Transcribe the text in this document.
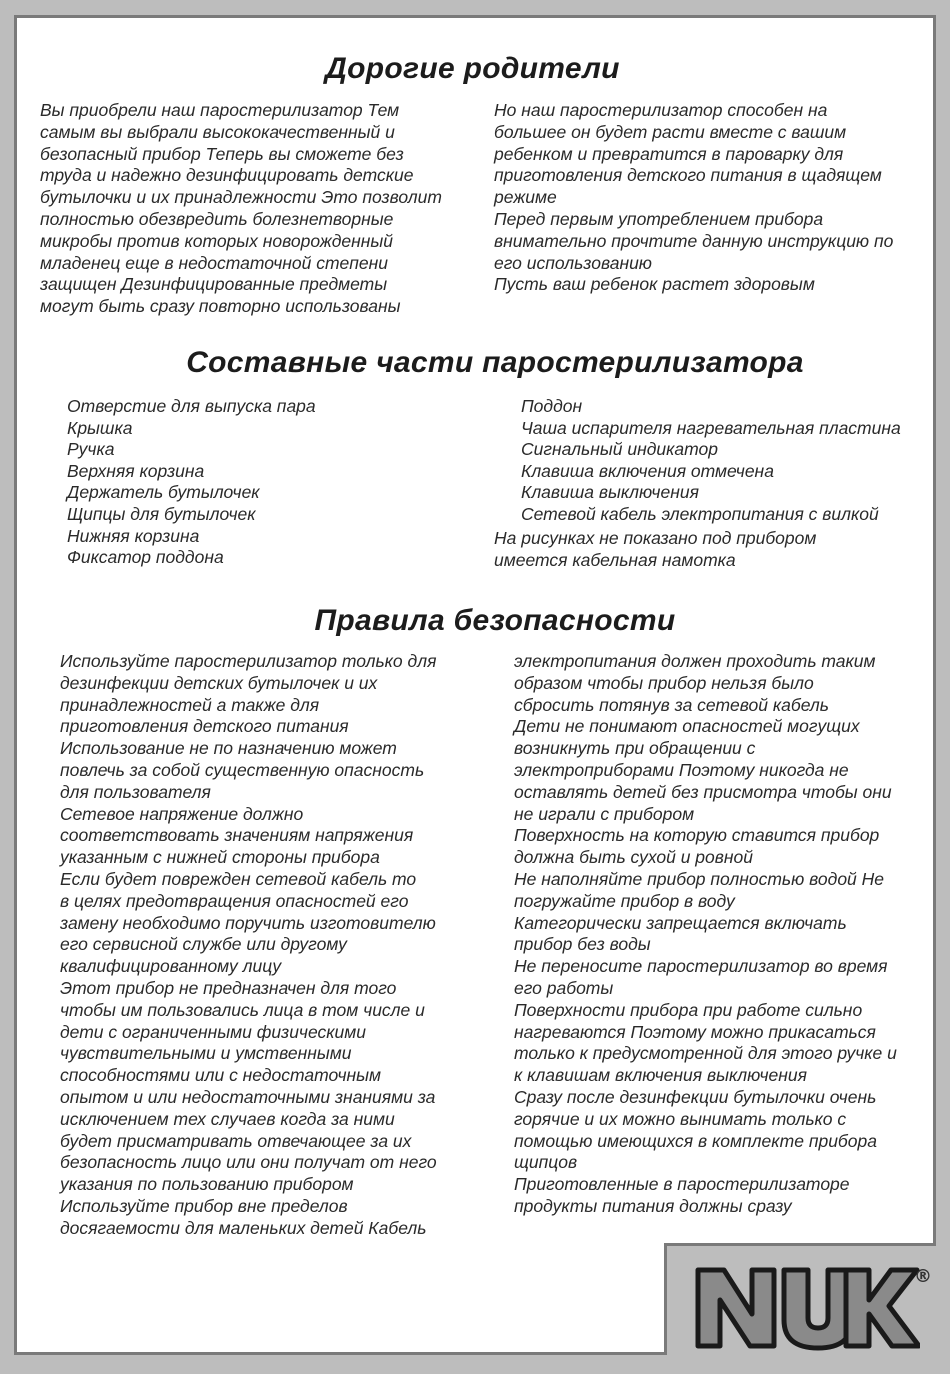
Дорогие родители

Вы приобрели наш паростерилизатор Тем
самым вы выбрали высококачественный и
безопасный прибор Теперь вы сможете без
труда и надежно дезинфицировать детские
бутылочки и их принадлежности Это позволит
полностью обезвредить болезнетворные
микробы против которых новорожденный
младенец еще в недостаточной степени
защищен Дезинфицированные предметы
могут быть сразу повторно использованы

Но наш паростерилизатор способен на
большее он будет расти вместе с вашим
ребенком и превратится в пароварку для
приготовления детского питания в щадящем
режиме
Перед первым употреблением прибора
внимательно прочтите данную инструкцию по
его использованию
Пусть ваш ребенок растет здоровым

Составные части паростерилизатора
Отверстие для выпуска пара
Крышка
Ручка
Верхняя корзина
Держатель бутылочек
Щипцы для бутылочек
Нижняя корзина
Фиксатор поддона
Поддон
Чаша испарителя нагревательная пластина
Сигнальный индикатор
Клавиша включения отмечена
Клавиша выключения
Сетевой кабель электропитания с вилкой

На рисунках не показано под прибором
имеется кабельная намотка

Правила безопасности

Используйте паростерилизатор только для
дезинфекции детских бутылочек и их
принадлежностей а также для
приготовления детского питания
Использование не по назначению может
повлечь за собой существенную опасность
для пользователя
Сетевое напряжение должно
соответствовать значениям напряжения
указанным с нижней стороны прибора
Если будет поврежден сетевой кабель то
в целях предотвращения опасностей его
замену необходимо поручить изготовителю
его сервисной службе или другому
квалифицированному лицу
Этот прибор не предназначен для того
чтобы им пользовались лица в том числе и
дети с ограниченными физическими
чувствительными и умственными
способностями или с недостаточным
опытом и или недостаточными знаниями за
исключением тех случаев когда за ними
будет присматривать отвечающее за их
безопасность лицо или они получат от него
указания по пользованию прибором
Используйте прибор вне пределов
досягаемости для маленьких детей Кабель

электропитания должен проходить таким
образом чтобы прибор нельзя было
сбросить потянув за сетевой кабель
Дети не понимают опасностей могущих
возникнуть при обращении с
электроприборами Поэтому никогда не
оставлять детей без присмотра чтобы они
не играли с прибором
Поверхность на которую ставится прибор
должна быть сухой и ровной
Не наполняйте прибор полностью водой Не
погружайте прибор в воду
Категорически запрещается включать
прибор без воды
Не переносите паростерилизатор во время
его работы
Поверхности прибора при работе сильно
нагреваются Поэтому можно прикасаться
только к предусмотренной для этого ручке и
к клавишам включения выключения
Сразу после дезинфекции бутылочки очень
горячие и их можно вынимать только с
помощью имеющихся в комплекте прибора
щипцов
Приготовленные в паростерилизаторе
продукты питания должны сразу

®
